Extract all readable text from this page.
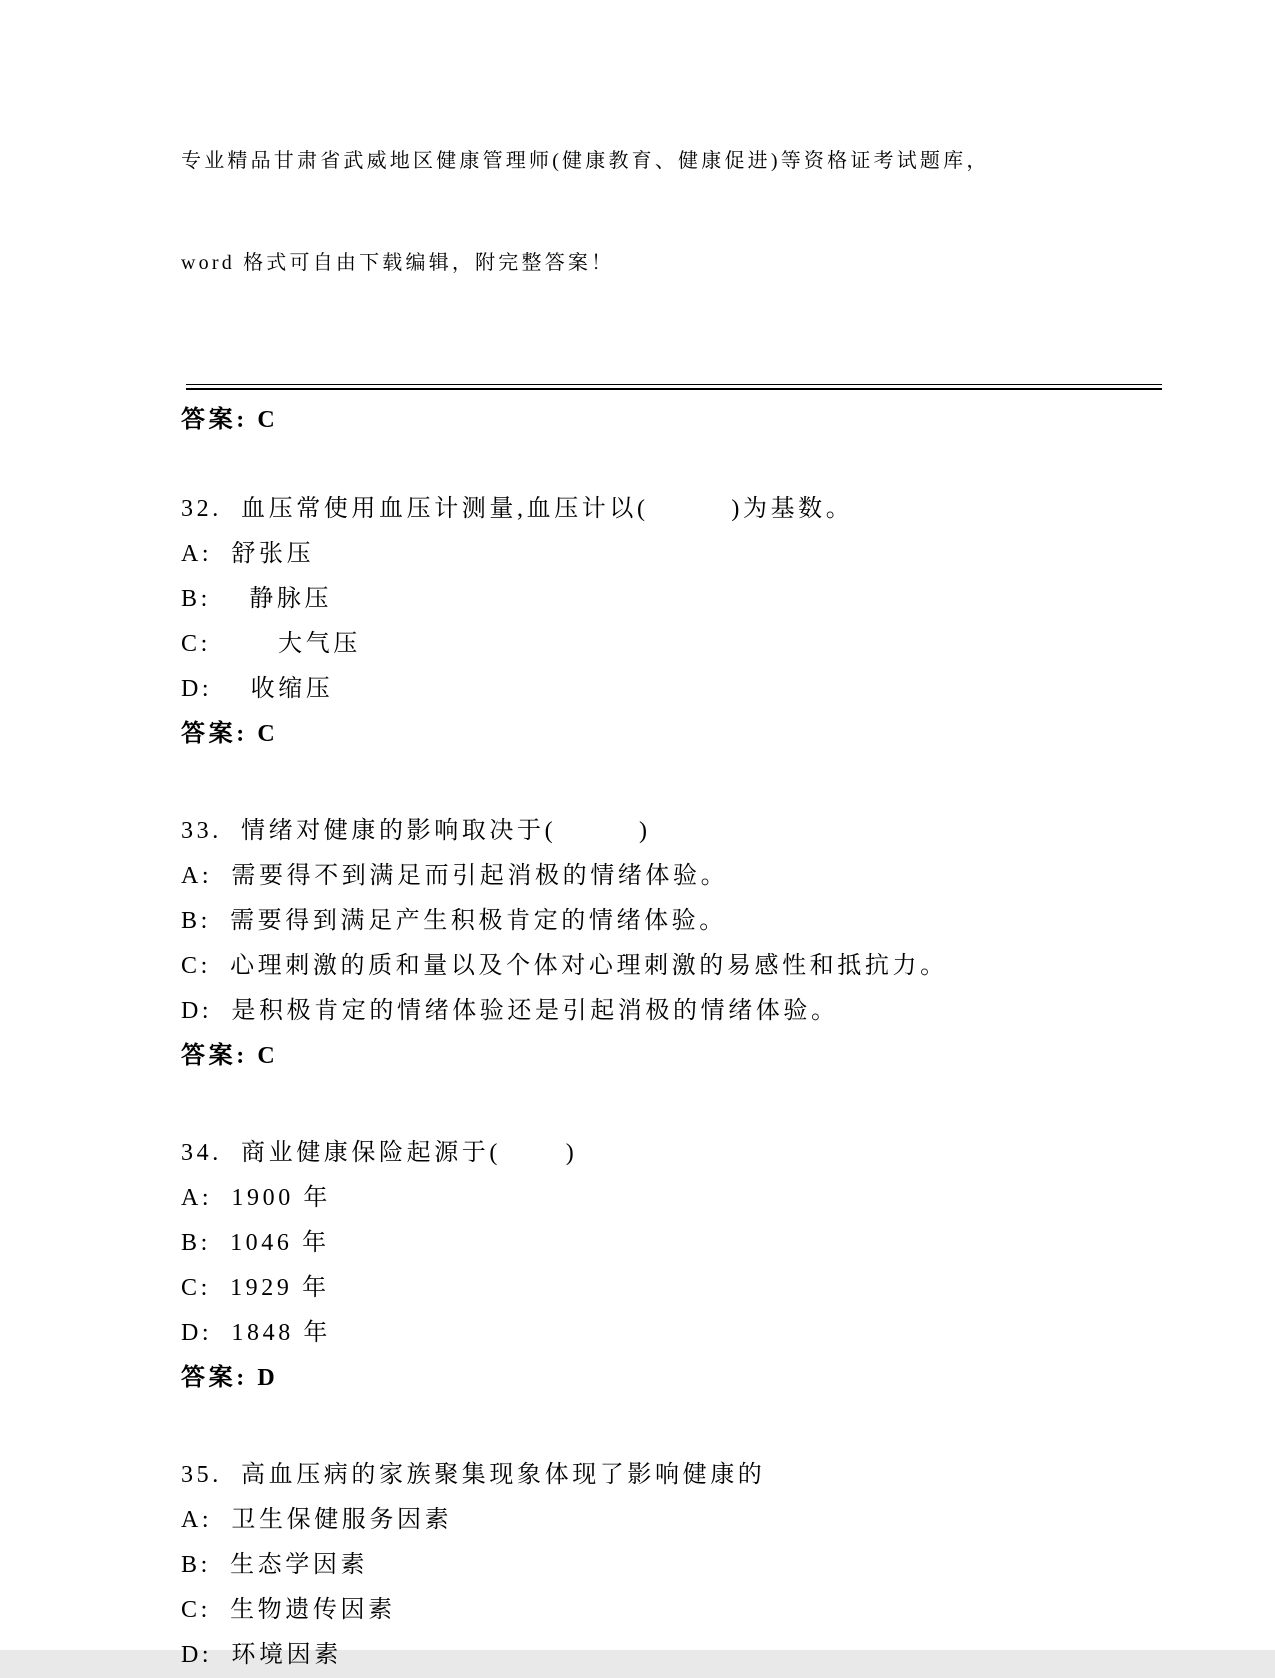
专业精品甘肃省武威地区健康管理师(健康教育、健康促进)等资格证考试题库，

word 格式可自由下载编辑，附完整答案！

答案: C
32.  血压常使用血压计测量,血压计以(　　　)为基数。
A:  舒张压
B:    静脉压
C:       大气压
D:    收缩压
答案: C
33.  情绪对健康的影响取决于(　　　)
A:  需要得不到满足而引起消极的情绪体验。
B:  需要得到满足产生积极肯定的情绪体验。
C:  心理刺激的质和量以及个体对心理刺激的易感性和抵抗力。
D:  是积极肯定的情绪体验还是引起消极的情绪体验。
答案: C
34.  商业健康保险起源于(　　 )
A:  1900 年
B:  1046 年
C:  1929 年
D:  1848 年
答案: D
35.  高血压病的家族聚集现象体现了影响健康的
A:  卫生保健服务因素
B:  生态学因素
C:  生物遗传因素
D:  环境因素
